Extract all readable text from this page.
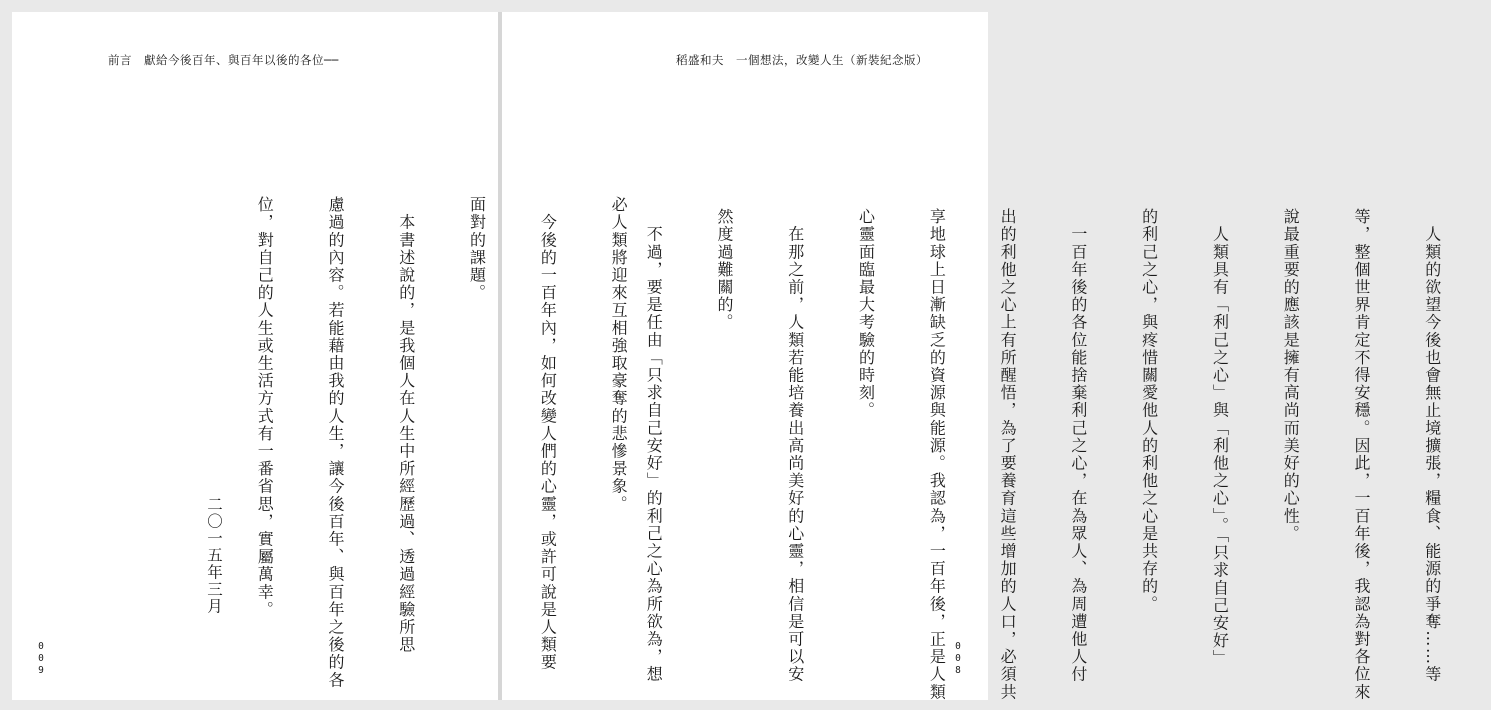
前言　獻給今後百年、與百年以後的各位──	稻盛和夫　一個想法，改變人生（新裝紀念版）

　人類的欲望今後也會無止境擴張，糧食、能源的爭奪……等

等，整個世界肯定不得安穩。因此，一百年後，我認為對各位來

說最重要的應該是擁有高尚而美好的心性。

　人類具有「利己之心」與「利他之心」。「只求自己安好」

的利己之心，與疼惜關愛他人的利他之心是共存的。

　一百年後的各位能捨棄利己之心，在為眾人、為周遭他人付

出的利他之心上有所醒悟，為了要養育這些增加的人口，必須共

享地球上日漸缺乏的資源與能源。我認為，一百年後，正是人類

心靈面臨最大考驗的時刻。

　在那之前，人類若能培養出高尚美好的心靈，相信是可以安

然度過難關的。

　不過，要是任由「只求自己安好」的利己之心為所欲為，想

必人類將迎來互相強取豪奪的悲慘景象。

　今後的一百年內，如何改變人們的心靈，或許可說是人類要

面對的課題。

　本書述說的，是我個人在人生中所經歷過、透過經驗所思

慮過的內容。若能藉由我的人生，讓今後百年、與百年之後的各

位，對自己的人生或生活方式有一番省思，實屬萬幸。

二〇一五年三月
0
0
9
0
0
8
